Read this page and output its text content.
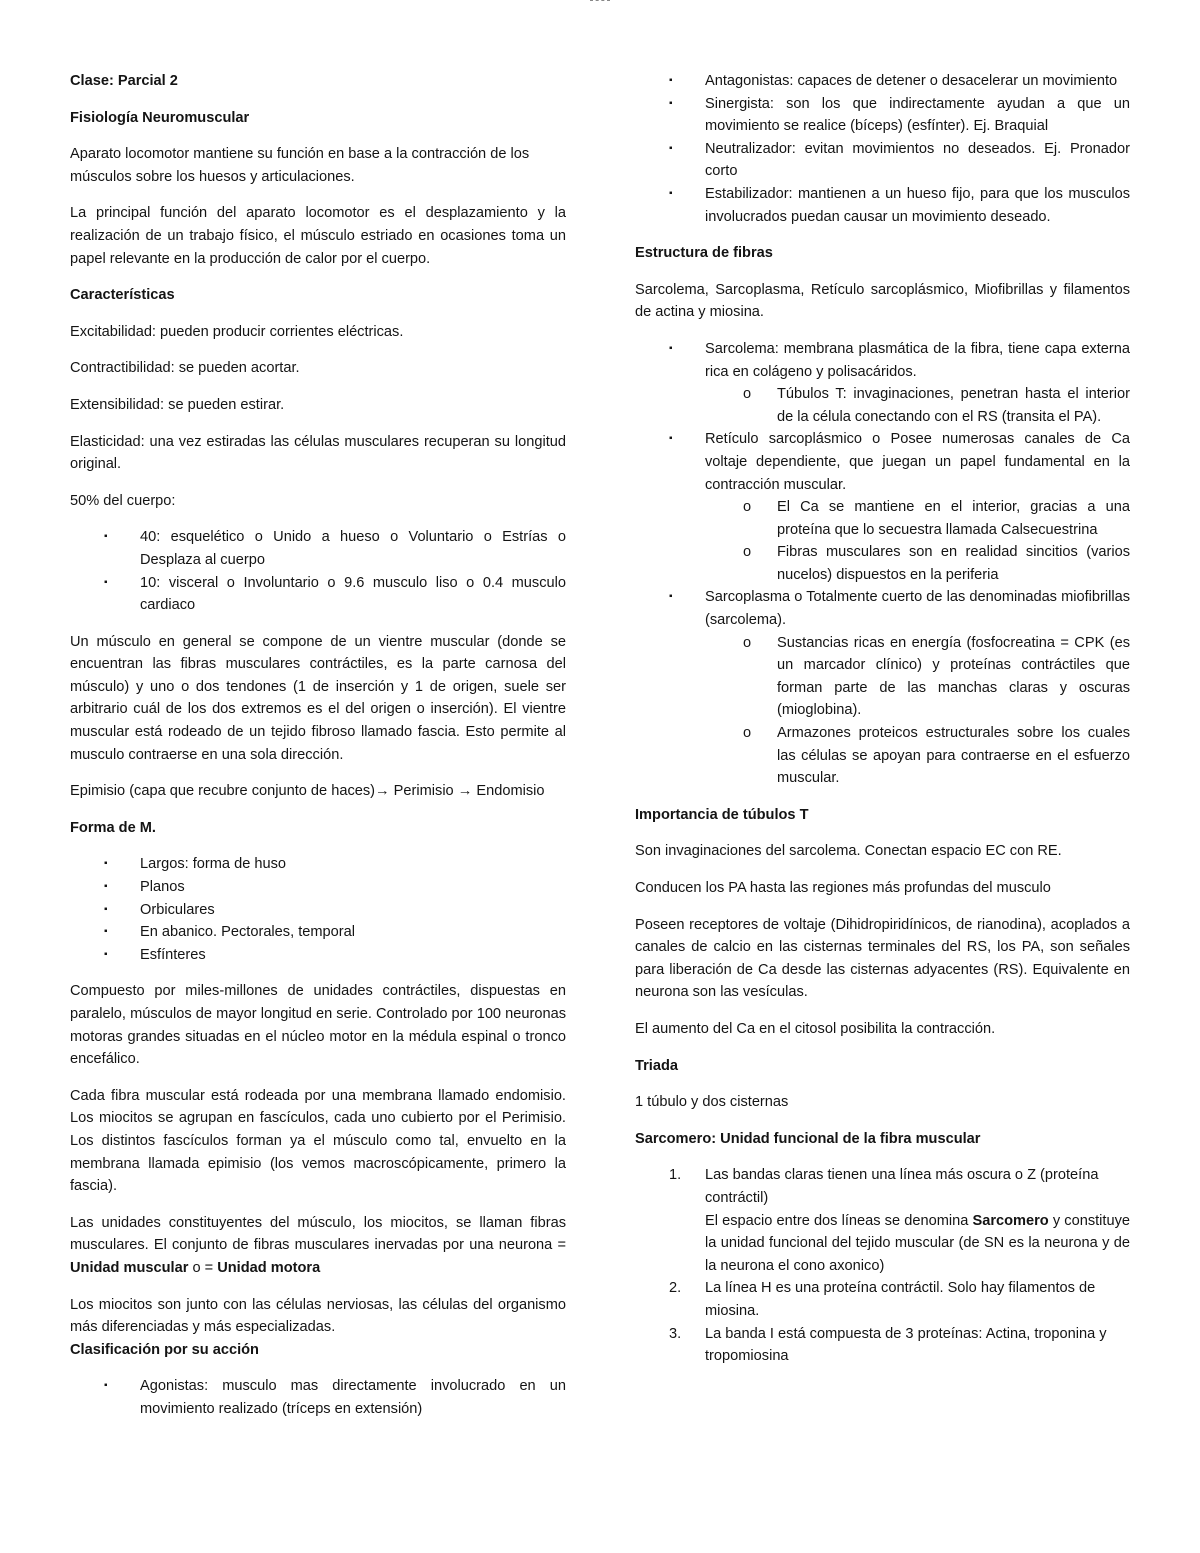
Clase: Parcial 2

Fisiología Neuromuscular

Aparato locomotor mantiene su función en base a la contracción de los músculos sobre los huesos y articulaciones.

La principal función del aparato locomotor es el desplazamiento y la realización de un trabajo físico, el músculo estriado en ocasiones toma un papel relevante en la producción de calor por el cuerpo.

Características

Excitabilidad: pueden producir corrientes eléctricas.

Contractibilidad: se pueden acortar.

Extensibilidad: se pueden estirar.

Elasticidad: una vez estiradas las células musculares recuperan su longitud original.

50% del cuerpo:

▪ 40: esquelético o Unido a hueso o Voluntario o Estrías o Desplaza al cuerpo
▪ 10: visceral o Involuntario o 9.6 musculo liso o 0.4 musculo cardiaco

Un músculo en general se compone de un vientre muscular (donde se encuentran las fibras musculares contráctiles, es la parte carnosa del músculo) y uno o dos tendones (1 de inserción y 1 de origen, suele ser arbitrario cuál de los dos extremos es el del origen o inserción). El vientre muscular está rodeado de un tejido fibroso llamado fascia. Esto permite al musculo contraerse en una sola dirección.

Epimisio (capa que recubre conjunto de haces)→ Perimisio → Endomisio

Forma de M.

▪ Largos: forma de huso
▪ Planos
▪ Orbiculares
▪ En abanico. Pectorales, temporal
▪ Esfínteres

Compuesto por miles-millones de unidades contráctiles, dispuestas en paralelo, músculos de mayor longitud en serie. Controlado por 100 neuronas motoras grandes situadas en el núcleo motor en la médula espinal o tronco encefálico.

Cada fibra muscular está rodeada por una membrana llamado endomisio. Los miocitos se agrupan en fascículos, cada uno cubierto por el Perimisio. Los distintos fascículos forman ya el músculo como tal, envuelto en la membrana llamada epimisio (los vemos macroscópicamente, primero la fascia).

Las unidades constituyentes del músculo, los miocitos, se llaman fibras musculares. El conjunto de fibras musculares inervadas por una neurona = Unidad muscular o = Unidad motora

Los miocitos son junto con las células nerviosas, las células del organismo más diferenciadas y más especializadas.

Clasificación por su acción

▪ Agonistas: musculo mas directamente involucrado en un movimiento realizado (tríceps en extensión)
▪ Antagonistas: capaces de detener o desacelerar un movimiento
▪ Sinergista: son los que indirectamente ayudan a que un movimiento se realice (bíceps) (esfínter). Ej. Braquial
▪ Neutralizador: evitan movimientos no deseados. Ej. Pronador corto
▪ Estabilizador: mantienen a un hueso fijo, para que los musculos involucrados puedan causar un movimiento deseado.

Estructura de fibras

Sarcolema, Sarcoplasma, Retículo sarcoplásmico, Miofibrillas y filamentos de actina y miosina.

▪ Sarcolema: membrana plasmática de la fibra, tiene capa externa rica en colágeno y polisacáridos.
o Túbulos T: invaginaciones, penetran hasta el interior de la célula conectando con el RS (transita el PA).
▪ Retículo sarcoplásmico o Posee numerosas canales de Ca voltaje dependiente, que juegan un papel fundamental en la contracción muscular.
o El Ca se mantiene en el interior, gracias a una proteína que lo secuestra llamada Calsecuestrina
o Fibras musculares son en realidad sincitios (varios nucelos) dispuestos en la periferia
▪ Sarcoplasma o Totalmente cuerto de las denominadas miofibrillas (sarcolema).
o Sustancias ricas en energía (fosfocreatina = CPK (es un marcador clínico) y proteínas contráctiles que forman parte de las manchas claras y oscuras (mioglobina).
o Armazones proteicos estructurales sobre los cuales las células se apoyan para contraerse en el esfuerzo muscular.

Importancia de túbulos T

Son invaginaciones del sarcolema. Conectan espacio EC con RE.

Conducen los PA hasta las regiones más profundas del musculo

Poseen receptores de voltaje (Dihidropiridínicos, de rianodina), acoplados a canales de calcio en las cisternas terminales del RS, los PA, son señales para liberación de Ca desde las cisternas adyacentes (RS). Equivalente en neurona son las vesículas.

El aumento del Ca en el citosol posibilita la contracción.

Triada

1 túbulo y dos cisternas

Sarcomero: Unidad funcional de la fibra muscular

1. Las bandas claras tienen una línea más oscura o Z (proteína contráctil)
El espacio entre dos líneas se denomina Sarcomero y constituye la unidad funcional del tejido muscular (de SN es la neurona y de la neurona el cono axonico)
2. La línea H es una proteína contráctil. Solo hay filamentos de miosina.
3. La banda I está compuesta de 3 proteínas: Actina, troponina y tropomiosina
